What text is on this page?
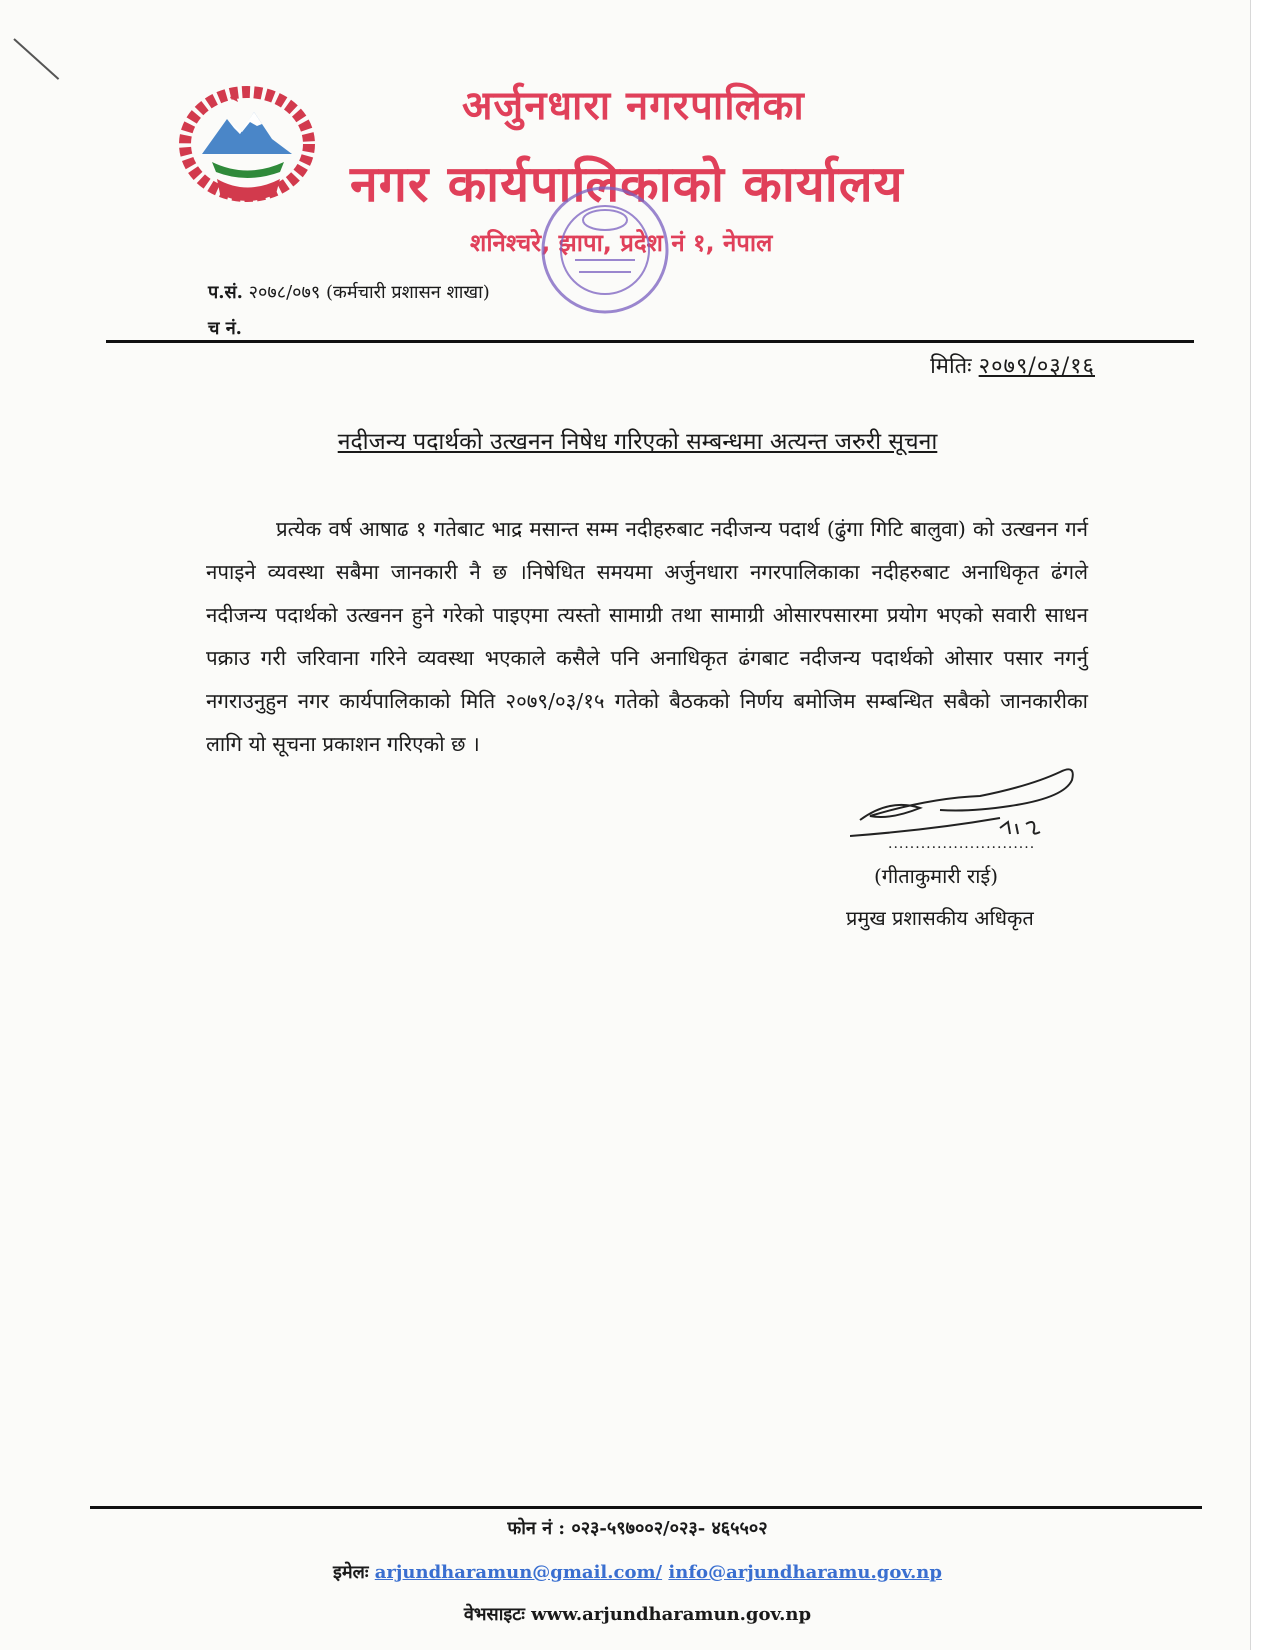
अर्जुनधारा नगरपालिका
नगर कार्यपालिकाको कार्यालय
शनिश्चरे, झापा, प्रदेश नं १, नेपाल
प.सं. २०७८/०७९ (कर्मचारी प्रशासन शाखा)
च नं.
मितिः २०७९/०३/१६
नदीजन्य पदार्थको उत्खनन निषेध गरिएको सम्बन्धमा अत्यन्त जरुरी सूचना
प्रत्येक वर्ष आषाढ १ गतेबाट भाद्र मसान्त सम्म नदीहरुबाट नदीजन्य पदार्थ (ढुंगा गिटि बालुवा) को उत्खनन गर्न नपाइने व्यवस्था सबैमा जानकारी नै छ ।निषेधित समयमा अर्जुनधारा नगरपालिकाका नदीहरुबाट अनाधिकृत ढंगले नदीजन्य पदार्थको उत्खनन हुने गरेको पाइएमा त्यस्तो सामाग्री तथा सामाग्री ओसारपसारमा प्रयोग भएको सवारी साधन पक्राउ गरी जरिवाना गरिने व्यवस्था भएकाले कसैले पनि अनाधिकृत ढंगबाट नदीजन्य पदार्थको ओसार पसार नगर्नु नगराउनुहुन नगर कार्यपालिकाको मिति २०७९/०३/१५ गतेको बैठकको निर्णय बमोजिम सम्बन्धित सबैको जानकारीका लागि यो सूचना प्रकाशन गरिएको छ ।
...........................
(गीताकुमारी राई)
प्रमुख प्रशासकीय अधिकृत
फोन नं : ०२३-५९७००२/०२३- ४६५५०२
इमेलः arjundharamun@gmail.com/ info@arjundharamu.gov.np
वेभसाइटः www.arjundharamun.gov.np
